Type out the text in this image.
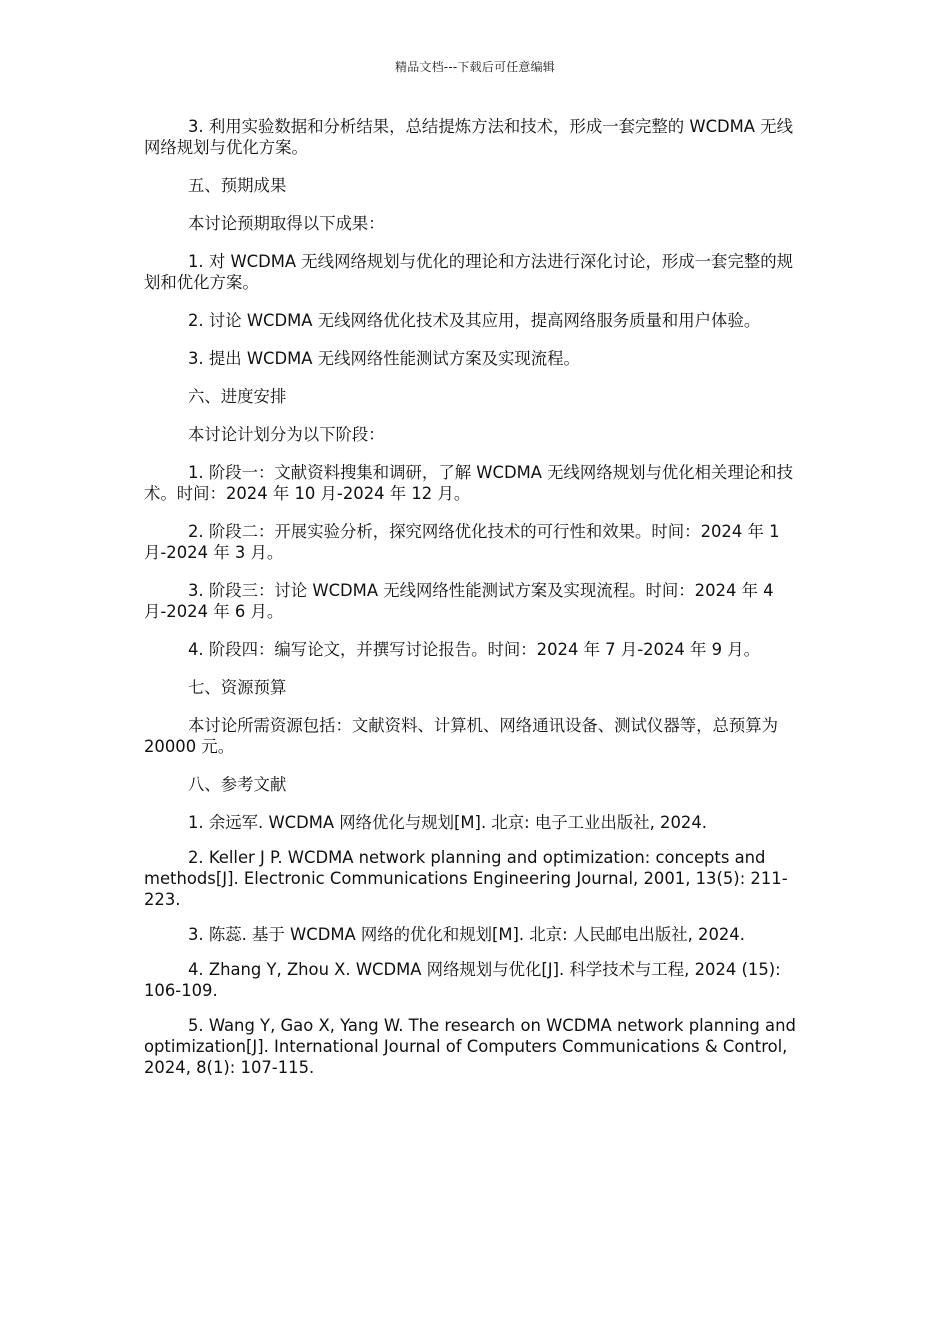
精品文档---下载后可任意编辑

3. 利用实验数据和分析结果，总结提炼方法和技术，形成一套完整的 WCDMA 无线网络规划与优化方案。

五、预期成果

本讨论预期取得以下成果：

1. 对 WCDMA 无线网络规划与优化的理论和方法进行深化讨论，形成一套完整的规划和优化方案。

2. 讨论 WCDMA 无线网络优化技术及其应用，提高网络服务质量和用户体验。

3. 提出 WCDMA 无线网络性能测试方案及实现流程。

六、进度安排

本讨论计划分为以下阶段：

1. 阶段一：文献资料搜集和调研，了解 WCDMA 无线网络规划与优化相关理论和技术。时间：2024 年 10 月-2024 年 12 月。

2. 阶段二：开展实验分析，探究网络优化技术的可行性和效果。时间：2024 年 1 月-2024 年 3 月。

3. 阶段三：讨论 WCDMA 无线网络性能测试方案及实现流程。时间：2024 年 4 月-2024 年 6 月。

4. 阶段四：编写论文，并撰写讨论报告。时间：2024 年 7 月-2024 年 9 月。

七、资源预算

本讨论所需资源包括：文献资料、计算机、网络通讯设备、测试仪器等，总预算为 20000 元。

八、参考文献

1. 余远军. WCDMA 网络优化与规划[M]. 北京: 电子工业出版社, 2024.

2. Keller J P. WCDMA network planning and optimization: concepts and methods[J]. Electronic Communications Engineering Journal, 2001, 13(5): 211-223.

3. 陈蕊. 基于 WCDMA 网络的优化和规划[M]. 北京: 人民邮电出版社, 2024.

4. Zhang Y, Zhou X. WCDMA 网络规划与优化[J]. 科学技术与工程, 2024 (15): 106-109.

5. Wang Y, Gao X, Yang W. The research on WCDMA network planning and optimization[J]. International Journal of Computers Communications & Control, 2024, 8(1): 107-115.
